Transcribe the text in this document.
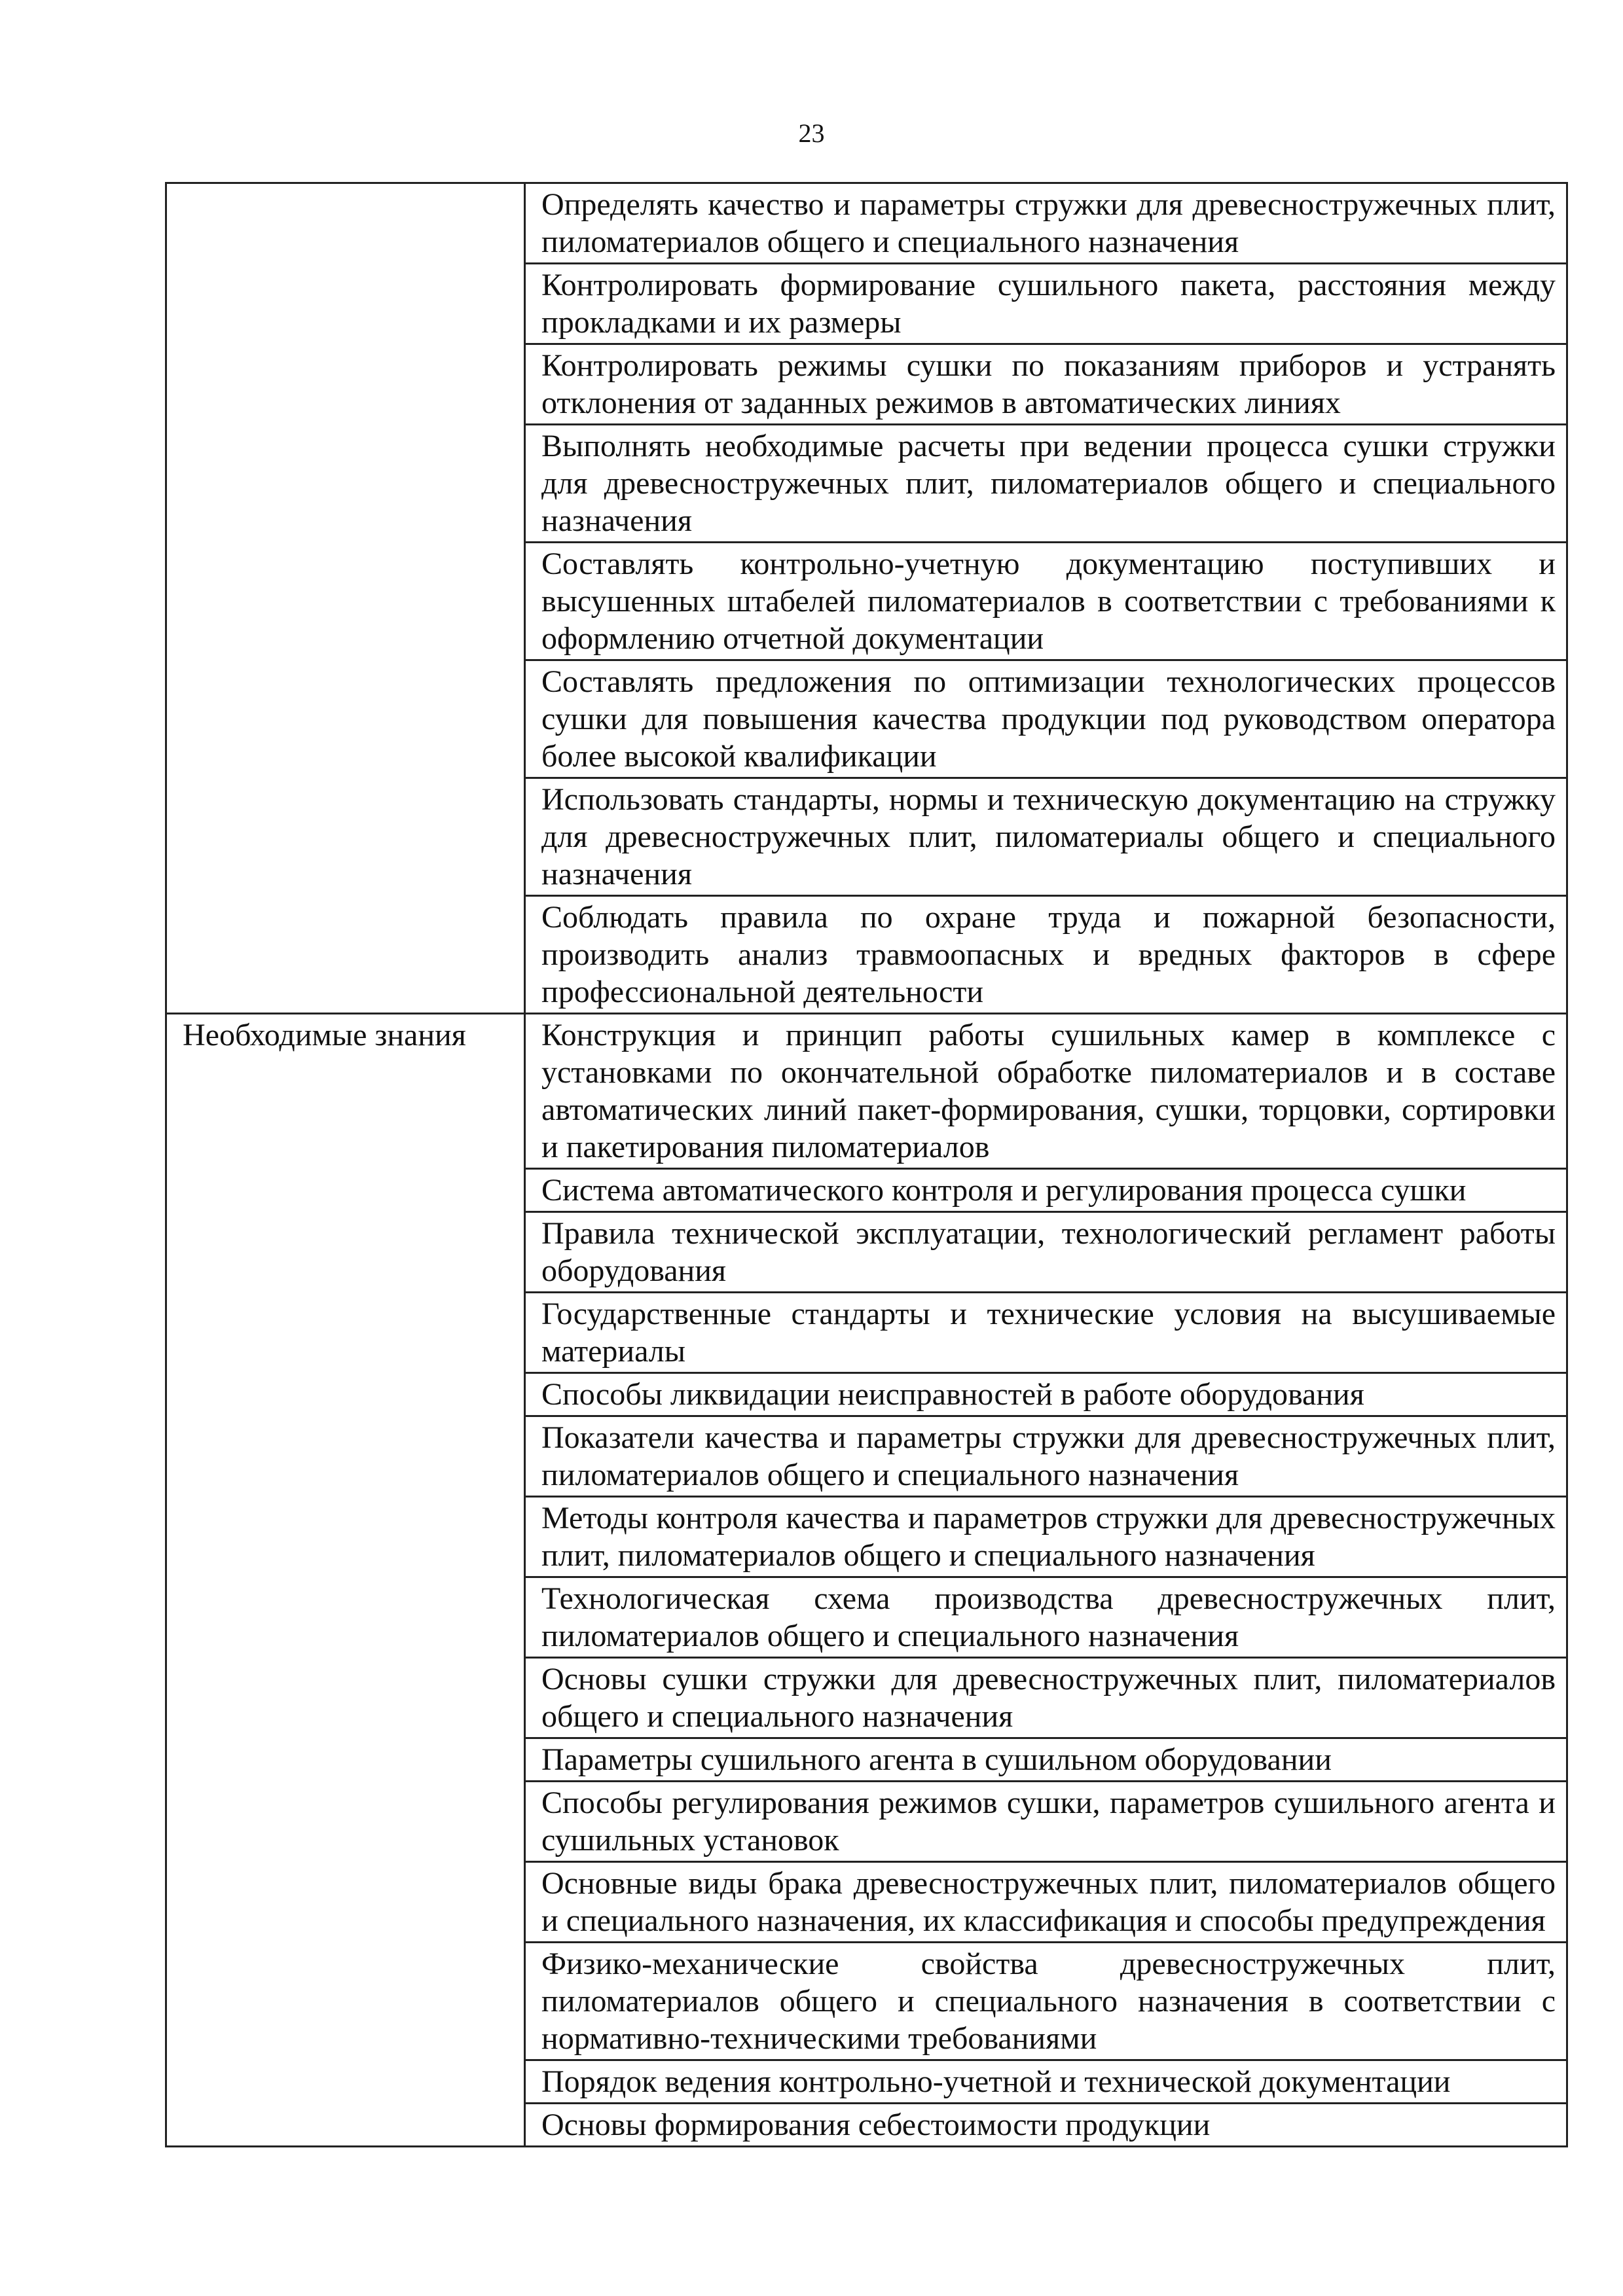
23
	Определять качество и параметры стружки для древесностружечных плит, пиломатериалов общего и специального назначения
	Контролировать формирование сушильного пакета, расстояния между прокладками и их размеры
	Контролировать режимы сушки по показаниям приборов и устранять отклонения от заданных режимов в автоматических линиях
	Выполнять необходимые расчеты при ведении процесса сушки стружки для древесностружечных плит, пиломатериалов общего и специального назначения
	Составлять контрольно-учетную документацию поступивших и высушенных штабелей пиломатериалов в соответствии с требованиями к оформлению отчетной документации
	Составлять предложения по оптимизации технологических процессов сушки для повышения качества продукции под руководством оператора более высокой квалификации
	Использовать стандарты, нормы и техническую документацию на стружку для древесностружечных плит, пиломатериалы общего и специального назначения
	Соблюдать правила по охране труда и пожарной безопасности, производить анализ травмоопасных и вредных факторов в сфере профессиональной деятельности
Необходимые знания	Конструкция и принцип работы сушильных камер в комплексе с установками по окончательной обработке пиломатериалов и в составе автоматических линий пакет-формирования, сушки, торцовки, сортировки и пакетирования пиломатериалов
	Система автоматического контроля и регулирования процесса сушки
	Правила технической эксплуатации, технологический регламент работы оборудования
	Государственные стандарты и технические условия на высушиваемые материалы
	Способы ликвидации неисправностей в работе оборудования
	Показатели качества и параметры стружки для древесностружечных плит, пиломатериалов общего и специального назначения
	Методы контроля качества и параметров стружки для древесностружечных плит, пиломатериалов общего и специального назначения
	Технологическая схема производства древесностружечных плит, пиломатериалов общего и специального назначения
	Основы сушки стружки для древесностружечных плит, пиломатериалов общего и специального назначения
	Параметры сушильного агента в сушильном оборудовании
	Способы регулирования режимов сушки, параметров сушильного агента и сушильных установок
	Основные виды брака древесностружечных плит, пиломатериалов общего и специального назначения, их классификация и способы предупреждения
	Физико-механические свойства древесностружечных плит, пиломатериалов общего и специального назначения в соответствии с нормативно-техническими требованиями
	Порядок ведения контрольно-учетной и технической документации
	Основы формирования себестоимости продукции
